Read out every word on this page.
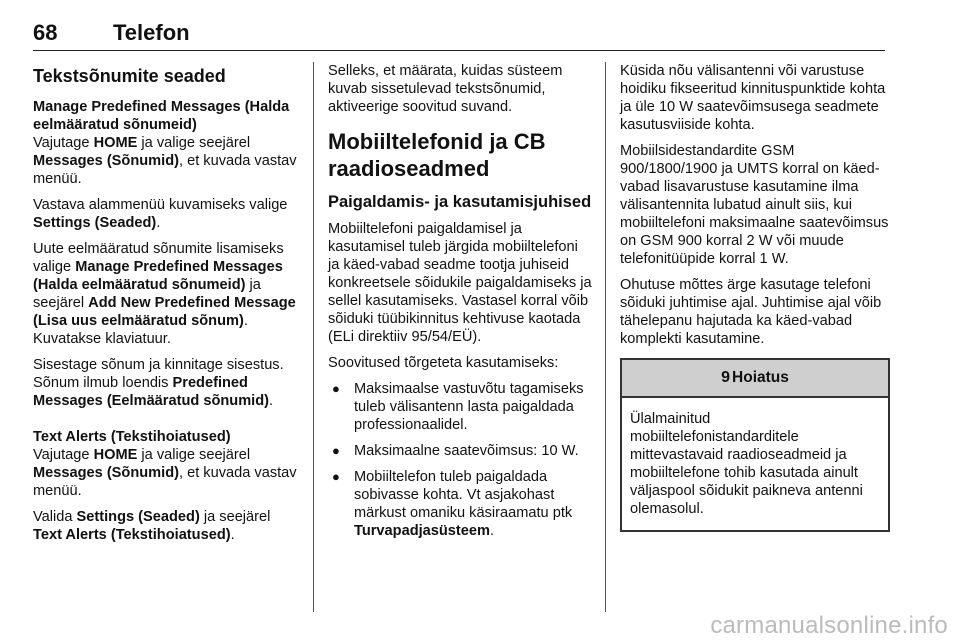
68	Telefon
Tekstsõnumite seaded
Manage Predefined Messages (Halda eelmääratud sõnumeid)

Vajutage HOME ja valige seejärel Messages (Sõnumid), et kuvada vastav menüü.

Vastava alammenüü kuvamiseks valige Settings (Seaded).

Uute eelmääratud sõnumite lisamiseks valige Manage Predefined Messages (Halda eelmääratud sõnumeid) ja seejärel Add New Predefined Message (Lisa uus eelmääratud sõnum). Kuvatakse klaviatuur.

Sisestage sõnum ja kinnitage sisestus. Sõnum ilmub loendis Predefined Messages (Eelmääratud sõnumid).

Text Alerts (Tekstihoiatused)

Vajutage HOME ja valige seejärel Messages (Sõnumid), et kuvada vastav menüü.

Valida Settings (Seaded) ja seejärel Text Alerts (Tekstihoiatused).

Selleks, et määrata, kuidas süsteem kuvab sissetulevad tekstsõnumid, aktiveerige soovitud suvand.

Mobiiltelefonid ja CB raadioseadmed
Paigaldamis- ja kasutamisjuhised

Mobiiltelefoni paigaldamisel ja kasutamisel tuleb järgida mobiiltelefoni ja käed-vabad seadme tootja juhiseid konkreetsele sõidukile paigaldamiseks ja sellel kasutamiseks. Vastasel korral võib sõiduki tüübikinnitus kehtivuse kaotada (ELi direktiiv 95/54/EÜ).

Soovitused tõrgeteta kasutamiseks:

● Maksimaalse vastuvõtu tagamiseks tuleb välisantenn lasta paigaldada professionaalidel.
● Maksimaalne saatevõimsus: 10 W.
● Mobiiltelefon tuleb paigaldada sobivasse kohta. Vt asjakohast märkust omaniku käsiraamatu ptk Turvapadjasüsteem.

Küsida nõu välisantenni või varustuse hoidiku fikseeritud kinnituspunktide kohta ja üle 10 W saatevõimsusega seadmete kasutusviiside kohta.

Mobiilsidestandardite GSM 900/1800/1900 ja UMTS korral on käed-vabad lisavarustuse kasutamine ilma välisantennita lubatud ainult siis, kui mobiiltelefoni maksimaalne saatevõimsus on GSM 900 korral 2 W või muude telefonitüüpide korral 1 W.

Ohutuse mõttes ärge kasutage telefoni sõiduki juhtimise ajal. Juhtimise ajal võib tähelepanu hajutada ka käed-vabad komplekti kasutamine.

9 Hoiatus
Ülalmainitud mobiiltelefonistandarditele mittevastavaid raadioseadmeid ja mobiiltelefone tohib kasutada ainult väljaspool sõidukit paikneva antenni olemasolul.
carmanualsonline.info
